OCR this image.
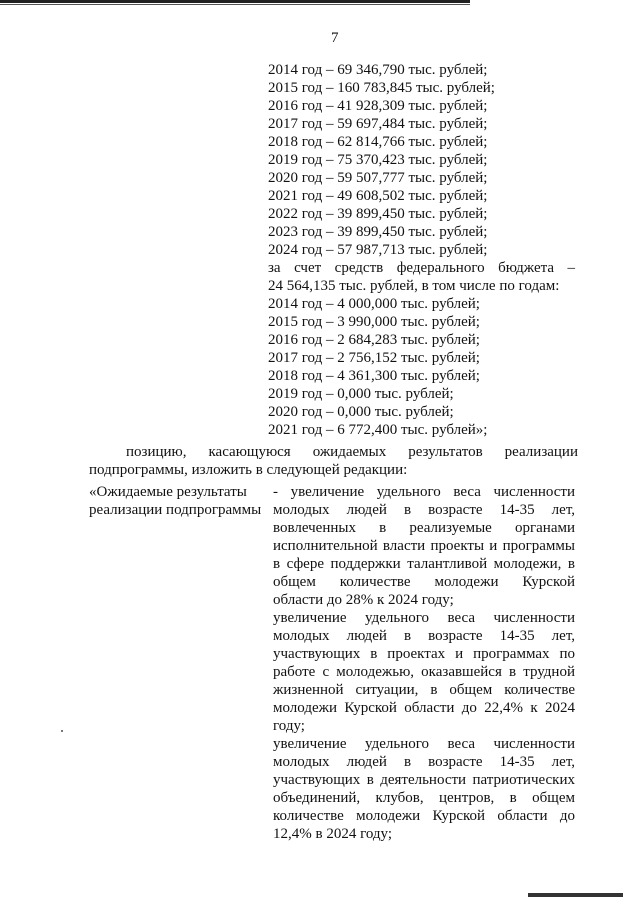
7
2014 год – 69 346,790 тыс. рублей;
2015 год – 160 783,845 тыс. рублей;
2016 год – 41 928,309 тыс. рублей;
2017 год – 59 697,484 тыс. рублей;
2018 год – 62 814,766 тыс. рублей;
2019 год – 75 370,423 тыс. рублей;
2020 год – 59 507,777 тыс. рублей;
2021 год – 49 608,502 тыс. рублей;
2022 год – 39 899,450 тыс. рублей;
2023 год – 39 899,450 тыс. рублей;
2024 год – 57 987,713 тыс. рублей;
за счет средств федерального бюджета –
24 564,135 тыс. рублей, в том числе по годам:
2014 год – 4 000,000 тыс. рублей;
2015 год – 3 990,000 тыс. рублей;
2016 год – 2 684,283 тыс. рублей;
2017 год – 2 756,152 тыс. рублей;
2018 год – 4 361,300 тыс. рублей;
2019 год – 0,000 тыс. рублей;
2020 год – 0,000 тыс. рублей;
2021 год – 6 772,400 тыс. рублей»;
позицию, касающуюся ожидаемых результатов реализации
подпрограммы, изложить в следующей редакции:
«Ожидаемые результаты
реализации подпрограммы
- увеличение удельного веса численности
молодых людей в возрасте 14-35 лет,
вовлеченных в реализуемые органами
исполнительной власти проекты и программы
в сфере поддержки талантливой молодежи, в
общем количестве молодежи Курской
области до 28% к 2024 году;
увеличение удельного веса численности
молодых людей в возрасте 14-35 лет,
участвующих в проектах и программах по
работе с молодежью, оказавшейся в трудной
жизненной ситуации, в общем количестве
молодежи Курской области до 22,4% к 2024
году;
увеличение удельного веса численности
молодых людей в возрасте 14-35 лет,
участвующих в деятельности патриотических
объединений, клубов, центров, в общем
количестве молодежи Курской области до
12,4% в 2024 году;
